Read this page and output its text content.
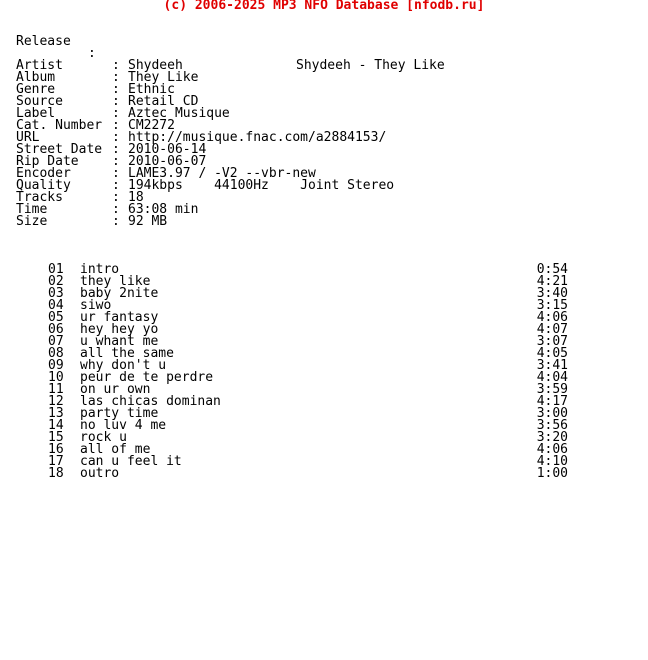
(c) 2006-2025 MP3 NFO Database [nfodb.ru]

Release

:

Shydeeh - They Like

Artist	: Shydeeh
Album	: They Like
Genre	: Ethnic
Source	: Retail CD
Label	: Aztec Musique
Cat. Number : CM2272
URL	: http://musique.fnac.com/a2884153/
Street Date : 2010-06-14
Rip Date	: 2010-06-07
Encoder	: LAME3.97 / -V2 --vbr-new
Quality	: 194kbps    44100Hz    Joint Stereo
Tracks	: 18
Time	: 63:08 min
Size	: 92 MB
01 intro	0:54
02 they like	4:21
03 baby 2nite	3:40
04 siwo	3:15
05 ur fantasy	4:06
06 hey hey yo	4:07
07 u whant me	3:07
08 all the same	4:05
09 why don't u	3:41
10 peur de te perdre	4:04
11 on ur own	3:59
12 las chicas dominan	4:17
13 party time	3:00
14 no luv 4 me	3:56
15 rock u	3:20
16 all of me	4:06
17 can u feel it	4:10
18 outro	1:00
